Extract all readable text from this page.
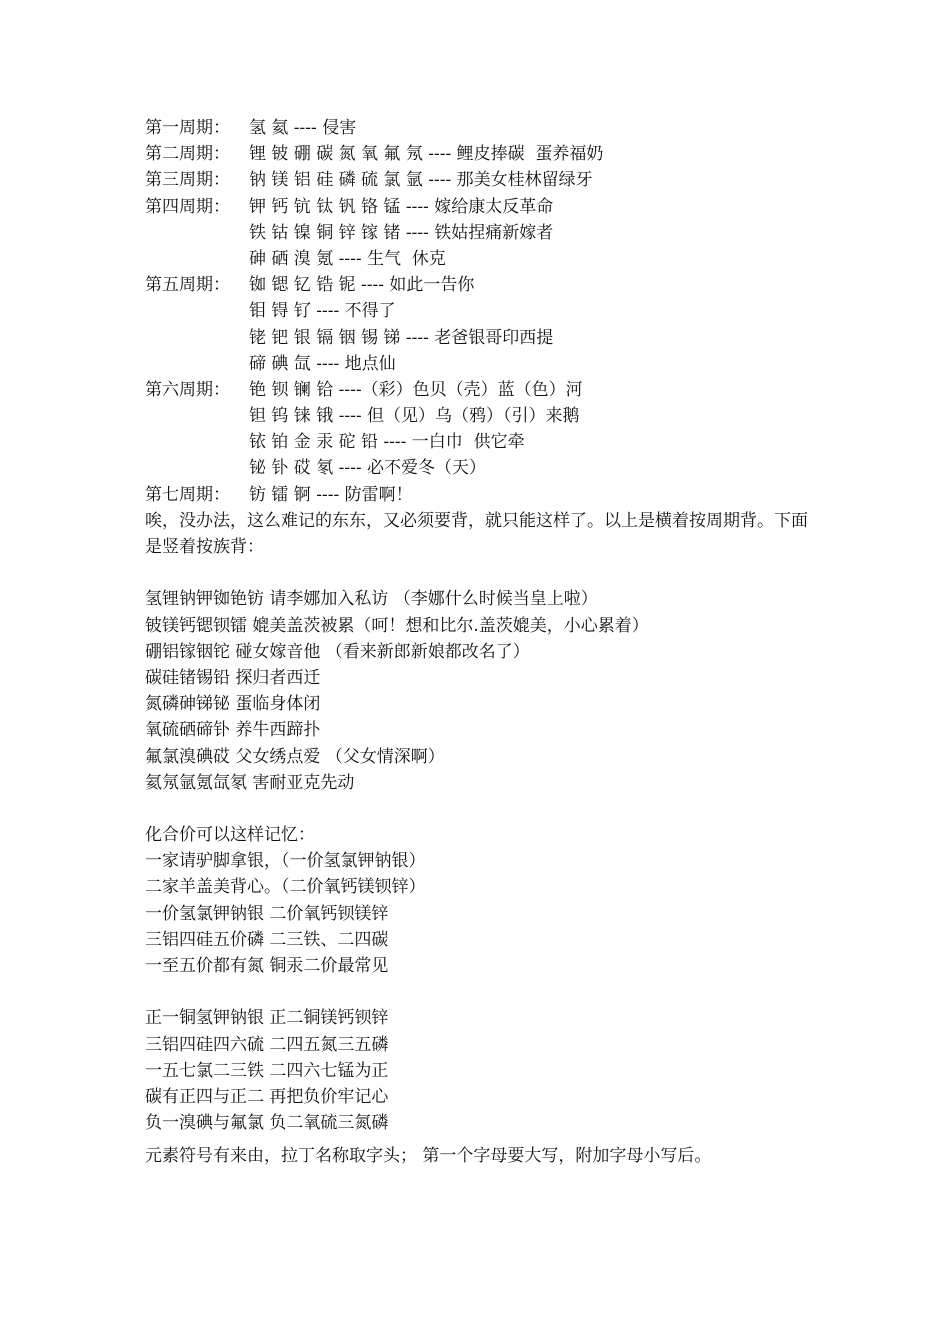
第一周期：	氢 氦 ---- 侵害
第二周期：	锂 铍 硼 碳 氮 氧 氟 氖 ---- 鲤皮捧碳  蛋养福奶
第三周期：	钠 镁 铝 硅 磷 硫 氯 氩 ---- 那美女桂林留绿牙
第四周期：	钾 钙 钪 钛 钒 铬 锰 ---- 嫁给康太反革命
铁 钴 镍 铜 锌 镓 锗 ---- 铁姑捏痛新嫁者
砷 硒 溴 氪 ---- 生气  休克
第五周期：	铷 锶 钇 锆 铌 ---- 如此一告你
钼 锝 钌 ---- 不得了
铑 钯 银 镉 铟 锡 锑 ---- 老爸银哥印西提
碲 碘 氙 ---- 地点仙
第六周期：	铯 钡 镧 铪 ----（彩）色贝（壳）蓝（色）河
钽 钨 铼 锇 ---- 但（见）乌（鸦）（引）来鹅
铱 铂 金 汞 砣 铅 ---- 一白巾  供它牵
铋 钋 砹 氡 ---- 必不爱冬（天）
第七周期：	钫 镭 锕 ---- 防雷啊！
唉，没办法，这么难记的东东，又必须要背，就只能这样了。以上是横着按周期背。下面是竖着按族背：
氢锂钠钾铷铯钫 请李娜加入私访 （李娜什么时候当皇上啦）
铍镁钙锶钡镭 媲美盖茨被累（呵！想和比尔.盖茨媲美，小心累着）
硼铝镓铟铊 碰女嫁音他 （看来新郎新娘都改名了）
碳硅锗锡铅 探归者西迁
氮磷砷锑铋 蛋临身体闭
氧硫硒碲钋 养牛西蹄扑
氟氯溴碘砹 父女绣点爱 （父女情深啊）
氦氖氩氪氙氡 害耐亚克先动
化合价可以这样记忆：
一家请驴脚拿银，（一价氢氯钾钠银）
二家羊盖美背心。（二价氧钙镁钡锌）
一价氢氯钾钠银 二价氧钙钡镁锌
三铝四硅五价磷 二三铁、二四碳
一至五价都有氮 铜汞二价最常见
正一铜氢钾钠银 正二铜镁钙钡锌
三铝四硅四六硫 二四五氮三五磷
一五七氯二三铁 二四六七锰为正
碳有正四与正二 再把负价牢记心
负一溴碘与氟氯 负二氧硫三氮磷
元素符号有来由，拉丁名称取字头； 第一个字母要大写，附加字母小写后。
